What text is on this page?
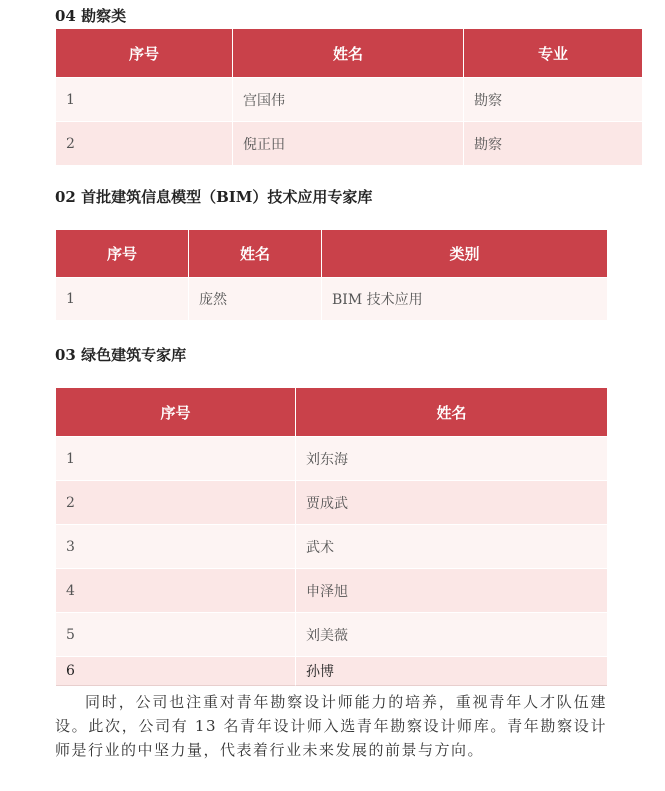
04 勘察类
序号	姓名	专业
1	宫国伟	勘察
2	倪正田	勘察
02 首批建筑信息模型（BIM）技术应用专家库
序号	姓名	类别
1	庞然	BIM 技术应用
03 绿色建筑专家库
序号	姓名
1	刘东海
2	贾成武
3	武术
4	申泽旭
5	刘美薇
6	孙博

同时，公司也注重对青年勘察设计师能力的培养，重视青年人才队伍建设。此次，公司有 13 名青年设计师入选青年勘察设计师库。青年勘察设计师是行业的中坚力量，代表着行业未来发展的前景与方向。
